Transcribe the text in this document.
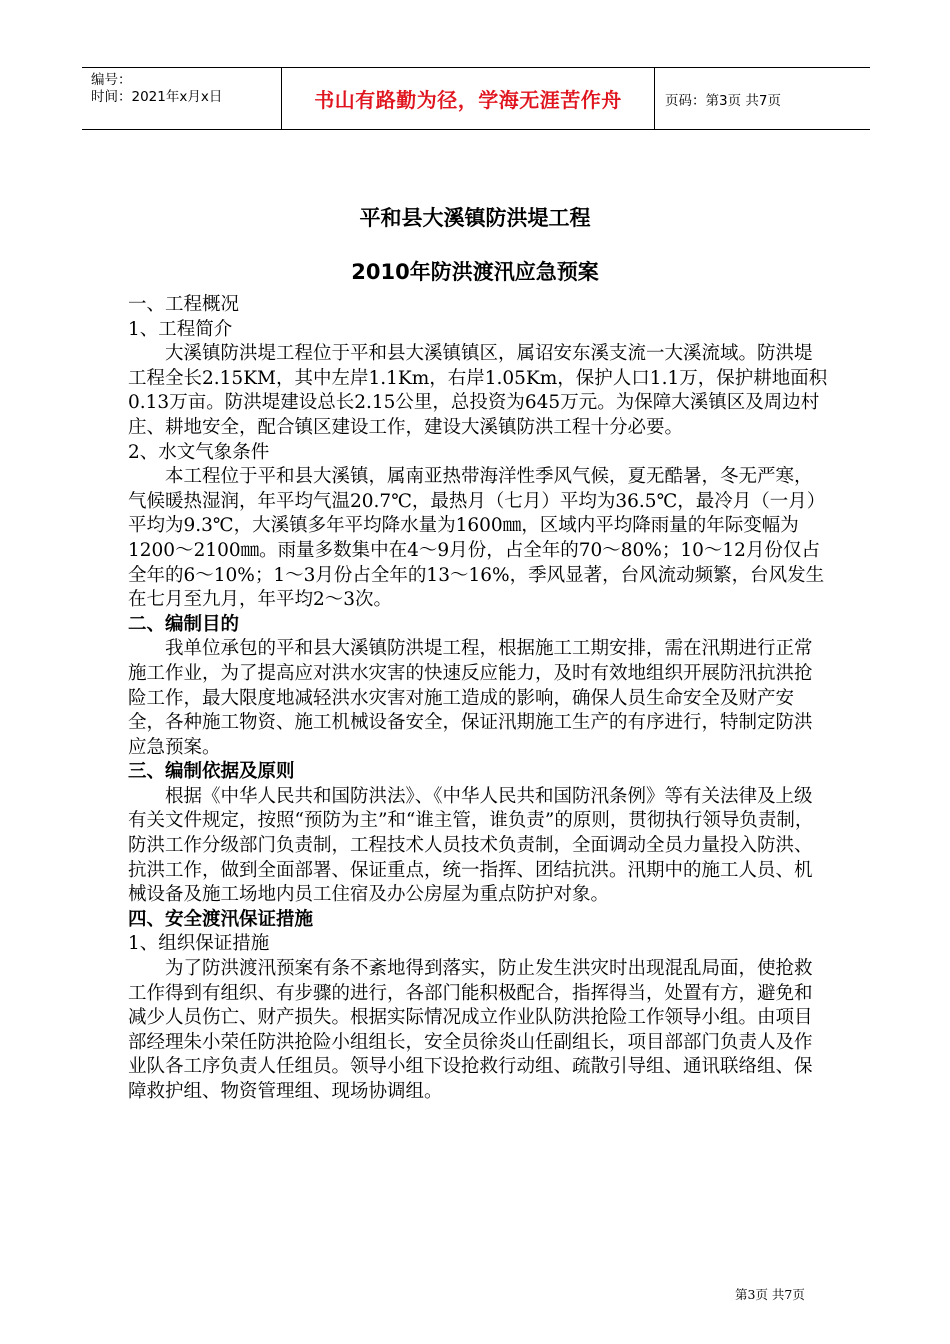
编号：
时间：2021年x月x日	书山有路勤为径，学海无涯苦作舟	页码：第3页 共7页
平和县大溪镇防洪堤工程
2010年防洪渡汛应急预案

一、工程概况

1、工程简介

大溪镇防洪堤工程位于平和县大溪镇镇区，属诏安东溪支流一大溪流域。防洪堤工程全长2.15KM，其中左岸1.1Km，右岸1.05Km，保护人口1.1万，保护耕地面积0.13万亩。防洪堤建设总长2.15公里，总投资为645万元。为保障大溪镇区及周边村庄、耕地安全，配合镇区建设工作，建设大溪镇防洪工程十分必要。

2、水文气象条件

本工程位于平和县大溪镇，属南亚热带海洋性季风气候，夏无酷暑，冬无严寒，气候暖热湿润，年平均气温20.7℃，最热月（七月）平均为36.5℃，最冷月（一月）平均为9.3℃，大溪镇多年平均降水量为1600㎜，区域内平均降雨量的年际变幅为1200～2100㎜。雨量多数集中在4～9月份，占全年的70～80%；10～12月份仅占全年的6～10%；1～3月份占全年的13～16%，季风显著，台风流动频繁，台风发生在七月至九月，年平均2～3次。

二、编制目的

我单位承包的平和县大溪镇防洪堤工程，根据施工工期安排，需在汛期进行正常施工作业，为了提高应对洪水灾害的快速反应能力，及时有效地组织开展防汛抗洪抢险工作，最大限度地减轻洪水灾害对施工造成的影响，确保人员生命安全及财产安全，各种施工物资、施工机械设备安全，保证汛期施工生产的有序进行，特制定防洪应急预案。

三、编制依据及原则

根据《中华人民共和国防洪法》、《中华人民共和国防汛条例》等有关法律及上级有关文件规定，按照“预防为主”和“谁主管，谁负责”的原则，贯彻执行领导负责制，防洪工作分级部门负责制，工程技术人员技术负责制，全面调动全员力量投入防洪、抗洪工作，做到全面部署、保证重点，统一指挥、团结抗洪。汛期中的施工人员、机械设备及施工场地内员工住宿及办公房屋为重点防护对象。

四、安全渡汛保证措施

1、组织保证措施

为了防洪渡汛预案有条不紊地得到落实，防止发生洪灾时出现混乱局面，使抢救工作得到有组织、有步骤的进行，各部门能积极配合，指挥得当，处置有方，避免和减少人员伤亡、财产损失。根据实际情况成立作业队防洪抢险工作领导小组。由项目部经理朱小荣任防洪抢险小组组长，安全员徐炎山任副组长，项目部部门负责人及作业队各工序负责人任组员。领导小组下设抢救行动组、疏散引导组、通讯联络组、保障救护组、物资管理组、现场协调组。

第3页 共7页
